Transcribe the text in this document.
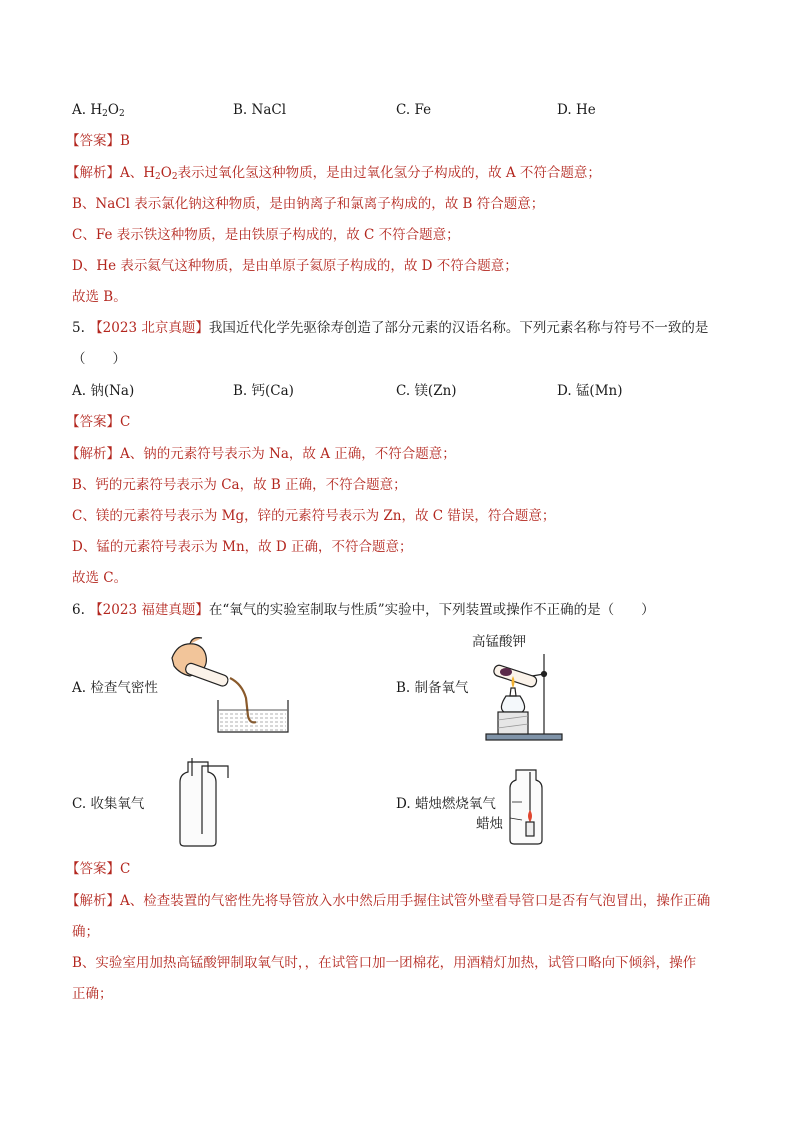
A. $H_2O_2$	B. NaCl	C. Fe	D. He
【答案】B
【解析】A、$H_2O_2$表示过氧化氢这种物质，是由过氧化氢分子构成的，故 A 不符合题意；
B、NaCl 表示氯化钠这种物质，是由钠离子和氯离子构成的，故 B 符合题意；
C、Fe 表示铁这种物质，是由铁原子构成的，故 C 不符合题意；
D、He 表示氦气这种物质，是由单原子氦原子构成的，故 D 不符合题意；
故选 B。
5. 【2023 北京真题】我国近代化学先驱徐寿创造了部分元素的汉语名称。下列元素名称与符号不一致的是
（　　）
A. 钠(Na)	B. 钙(Ca)	C. 镁(Zn)	D. 锰(Mn)
【答案】C
【解析】A、钠的元素符号表示为 Na，故 A 正确，不符合题意；
B、钙的元素符号表示为 Ca，故 B 正确，不符合题意；
C、镁的元素符号表示为 Mg，锌的元素符号表示为 Zn，故 C 错误，符合题意；
D、锰的元素符号表示为 Mn，故 D 正确，不符合题意；
故选 C。
6. 【2023 福建真题】在“氧气的实验室制取与性质”实验中，下列装置或操作不正确的是（　　）
A. 检查气密性	B. 制备氧气
高锰酸钾
C. 收集氧气	D. 蜡烛燃烧氧气
蜡烛
【答案】C
【解析】A、检查装置的气密性先将导管放入水中然后用手握住试管外壁看导管口是否有气泡冒出，操作正确
确；
B、实验室用加热高锰酸钾制取氧气时，，在试管口加一团棉花，用酒精灯加热，试管口略向下倾斜，操作
正确；
